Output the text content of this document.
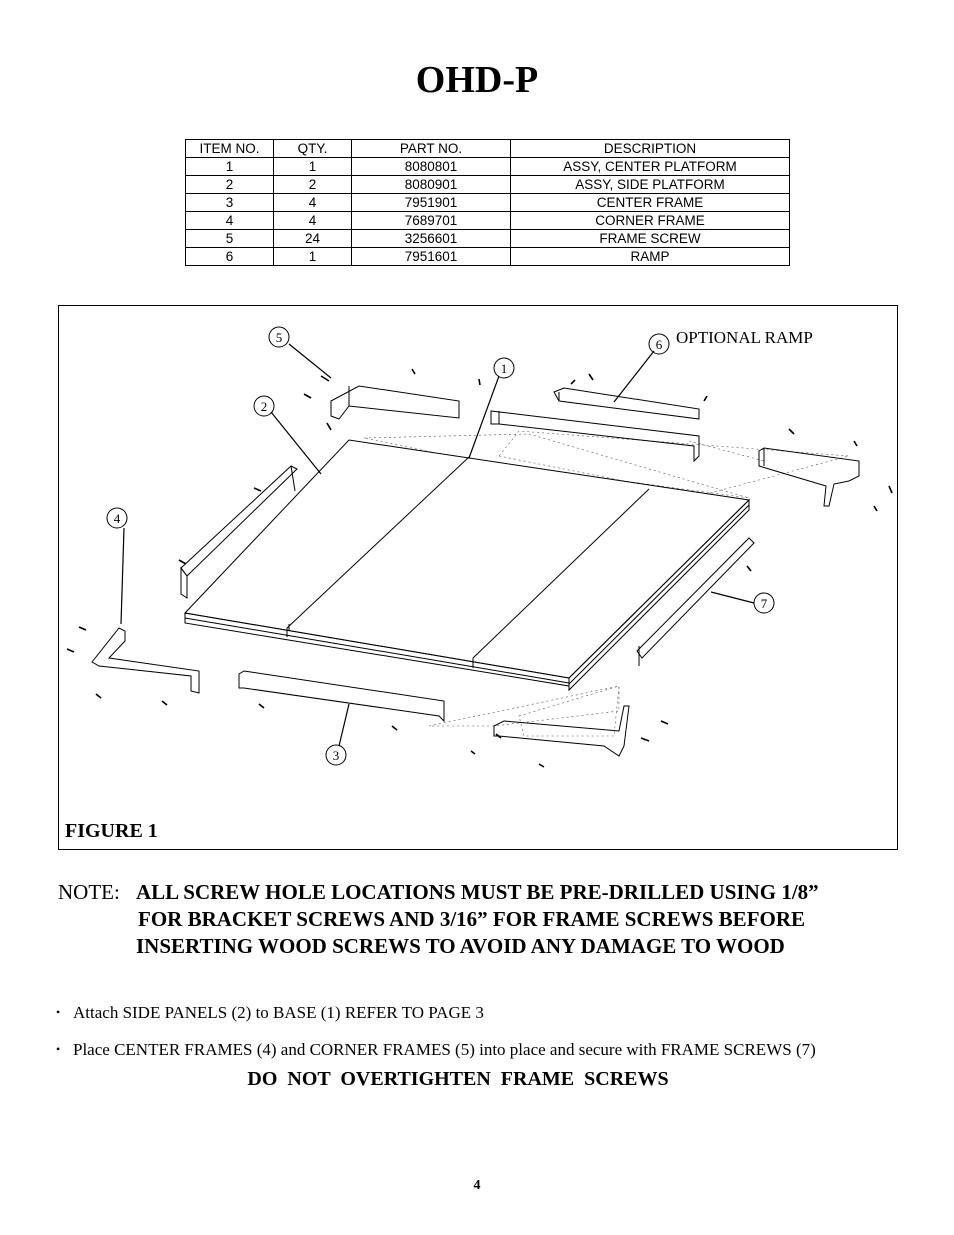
OHD-P
ITEM NO.	QTY.	PART NO.	DESCRIPTION
1	1	8080801	ASSY, CENTER PLATFORM
2	2	8080901	ASSY, SIDE PLATFORM
3	4	7951901	CENTER FRAME
4	4	7689701	CORNER FRAME
5	24	3256601	FRAME SCREW
6	1	7951601	RAMP
5
2
1
6
4
7
3
OPTIONAL RAMP
FIGURE 1
NOTE: ALL SCREW HOLE LOCATIONS MUST BE PRE-DRILLED USING 1/8”
FOR BRACKET SCREWS AND 3/16” FOR FRAME SCREWS BEFORE
INSERTING WOOD SCREWS TO AVOID ANY DAMAGE TO WOOD
• Attach SIDE PANELS (2) to BASE (1) REFER TO PAGE 3
• Place CENTER FRAMES (4) and CORNER FRAMES (5) into place and secure with FRAME SCREWS (7)
DO  NOT  OVERTIGHTEN  FRAME  SCREWS
4
